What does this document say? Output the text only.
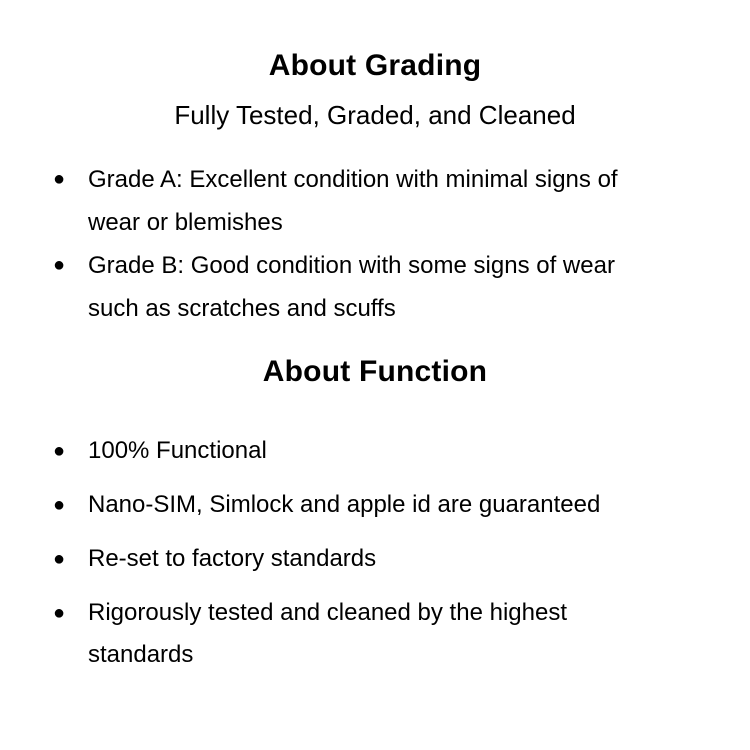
About Grading

Fully Tested, Graded, and Cleaned

● Grade A: Excellent condition with minimal signs of wear or blemishes
● Grade B: Good condition with some signs of wear such as scratches and scuffs
About Function
● 100% Functional
● Nano-SIM, Simlock and apple id are guaranteed
● Re-set to factory standards
● Rigorously tested and cleaned by the highest standards
